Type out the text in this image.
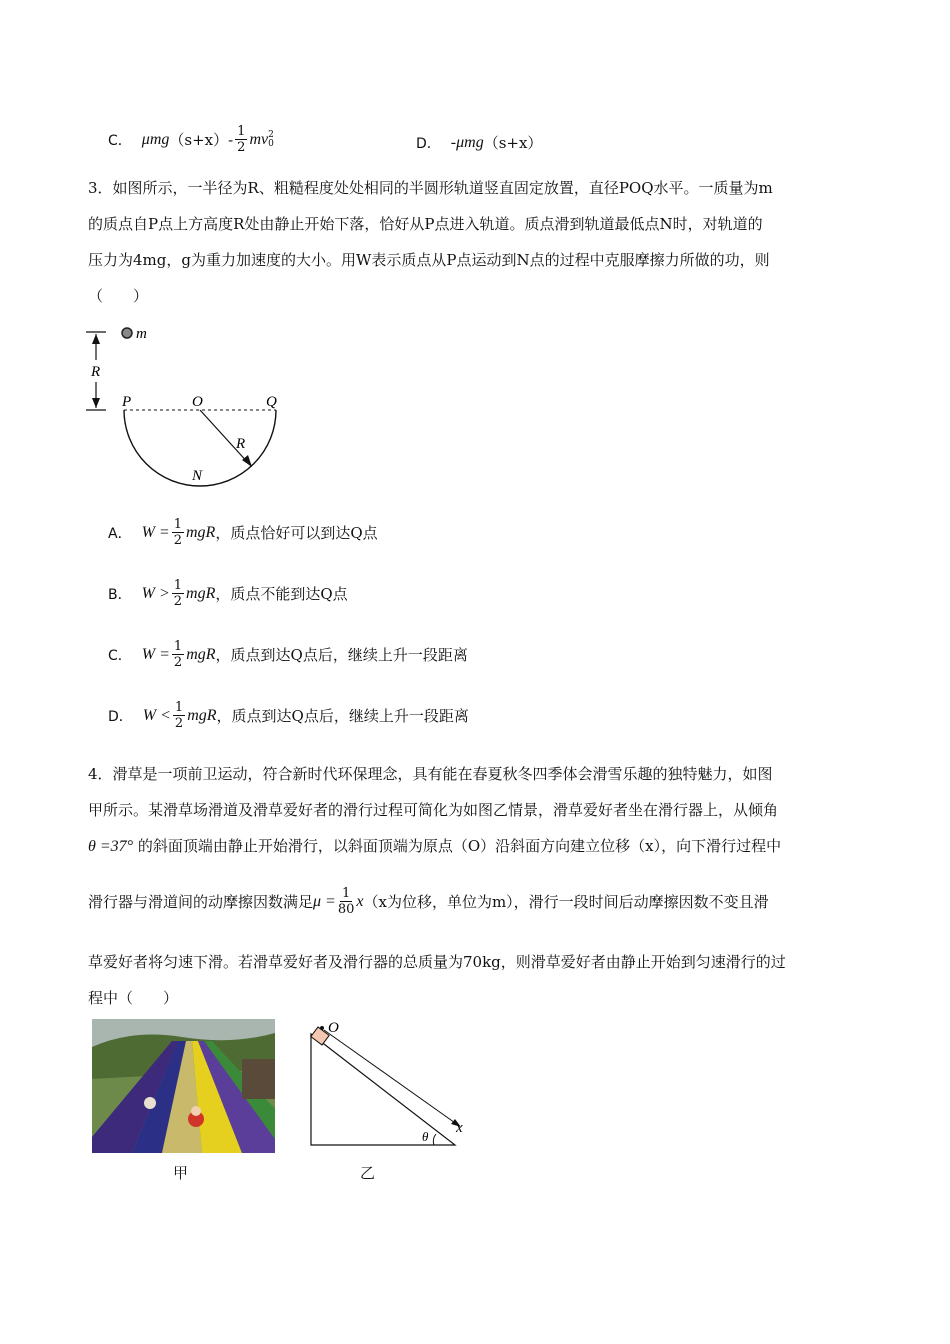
C． μmg $(s+x)- \frac{1}{2}$ mv 2
0	D． -μmg （s+x）
3．如图所示，一半径为R、粗糙程度处处相同的半圆形轨道竖直固定放置，直径POQ水平。一质量为m
的质点自P点上方高度R处由静止开始下落，恰好从P点进入轨道。质点滑到轨道最低点N时，对轨道的
压力为4mg，g为重力加速度的大小。用W表示质点从P点运动到N点的过程中克服摩擦力所做的功，则
（　　）
m
R
P	O	Q
R
N
A． $W = \frac{1}{2}$ mgR ，质点恰好可以到达Q点
B． $W > \frac{1}{2}$ mgR ，质点不能到达Q点
C． $W = \frac{1}{2}$ mgR ，质点到达Q点后，继续上升一段距离
D． $W < \frac{1}{2}$ mgR ，质点到达Q点后，继续上升一段距离
4．滑草是一项前卫运动，符合新时代环保理念，具有能在春夏秋冬四季体会滑雪乐趣的独特魅力，如图
甲所示。某滑草场滑道及滑草爱好者的滑行过程可简化为如图乙情景，滑草爱好者坐在滑行器上，从倾角
θ =37° 的斜面顶端由静止开始滑行，以斜面顶端为原点（O）沿斜面方向建立位移（x），向下滑行过程中
滑行器与滑道间的动摩擦因数满足 $\mu = \frac{1}{80}$ x （x为位移，单位为m），滑行一段时间后动摩擦因数不变且滑
草爱好者将匀速下滑。若滑草爱好者及滑行器的总质量为70kg，则滑草爱好者由静止开始到匀速滑行的过
程中（　　）
甲
O
x
θ
乙
